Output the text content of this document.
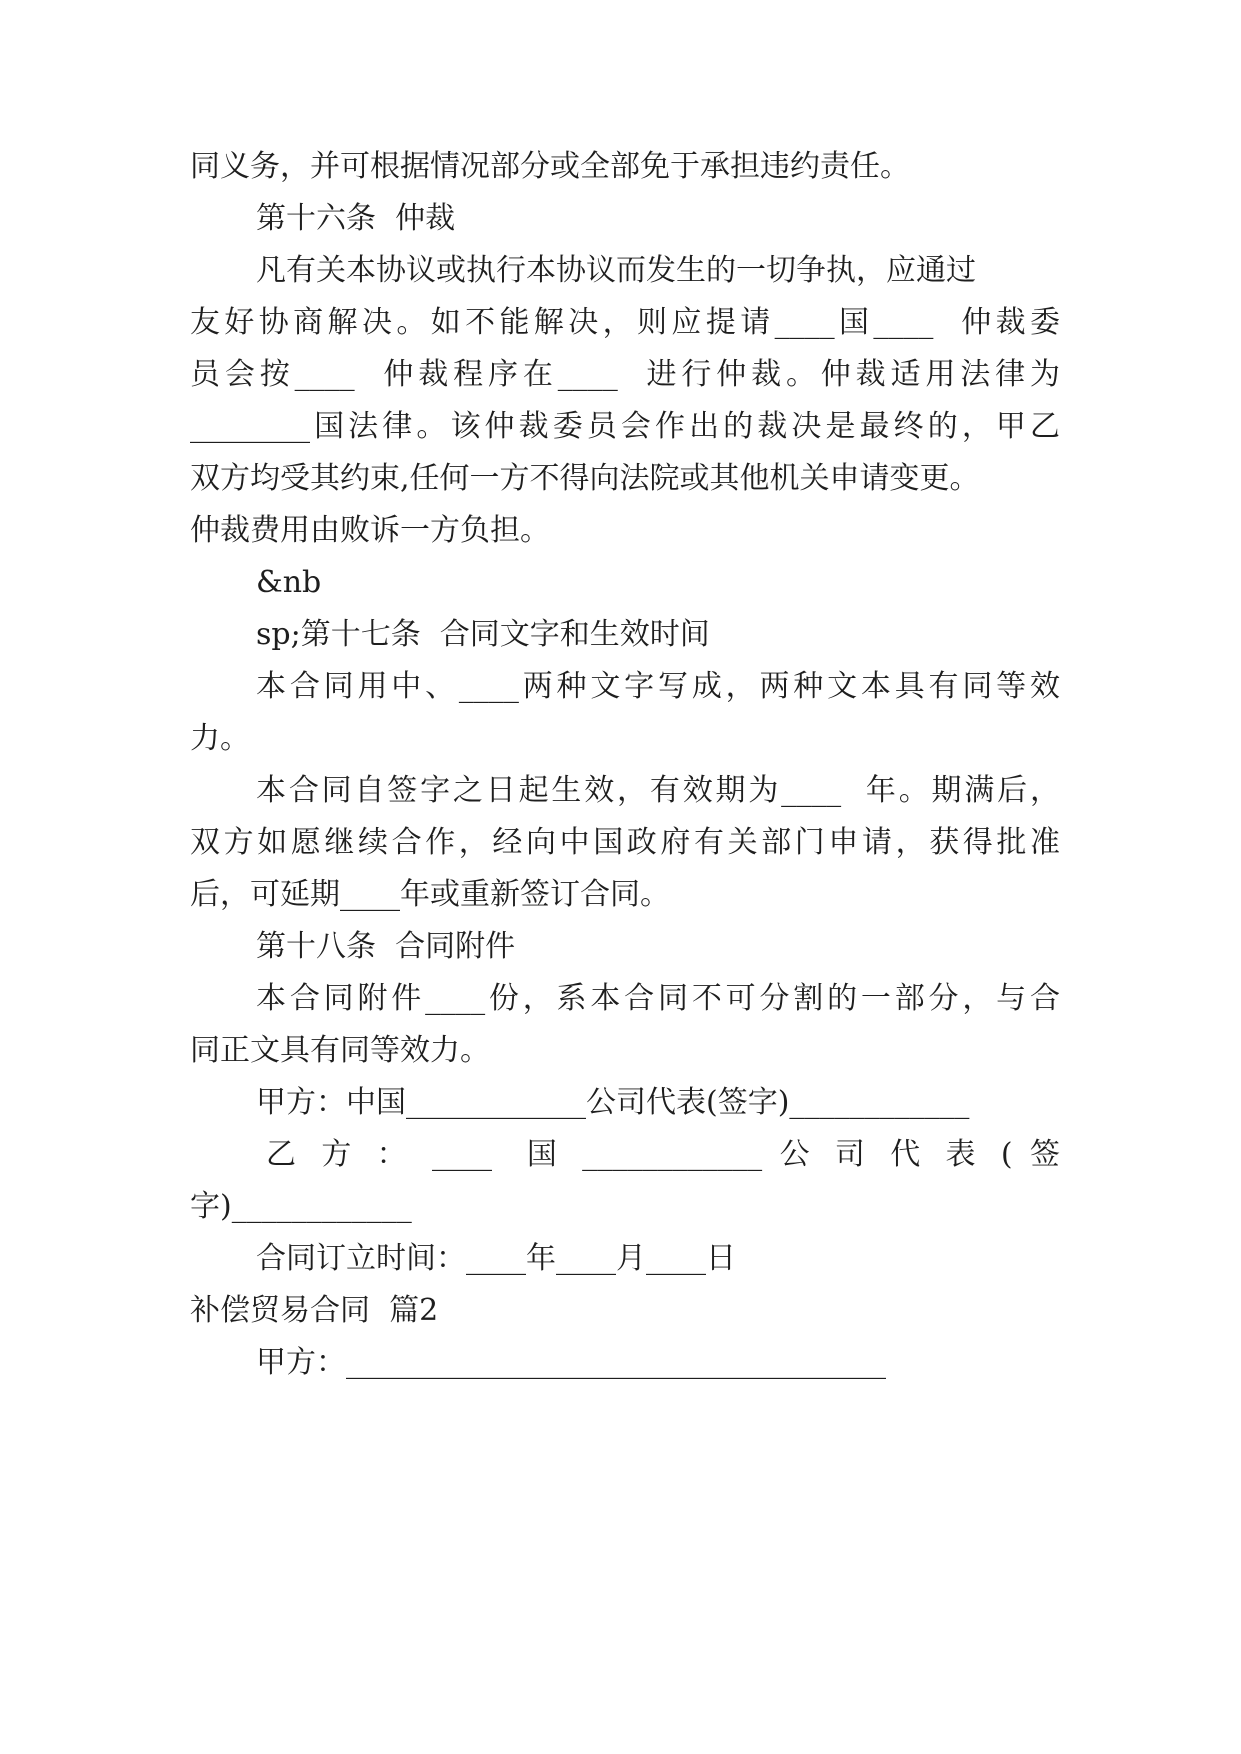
同义务，并可根据情况部分或全部免于承担违约责任。
第十六条  仲裁
凡有关本协议或执行本协议而发生的一切争执，应通过
友好协商解决。如不能解决，则应提请____国____  仲裁委
员会按____  仲裁程序在____  进行仲裁。仲裁适用法律为
________国法律。该仲裁委员会作出的裁决是最终的，甲乙
双方均受其约束,任何一方不得向法院或其他机关申请变更。
仲裁费用由败诉一方负担。
&nb
sp;第十七条  合同文字和生效时间
本合同用中、____两种文字写成，两种文本具有同等效
力。
本合同自签字之日起生效，有效期为____  年。期满后，
双方如愿继续合作，经向中国政府有关部门申请，获得批准
后，可延期____年或重新签订合同。
第十八条  合同附件
本合同附件____份，系本合同不可分割的一部分，与合
同正文具有同等效力。
甲方：中国____________公司代表(签字)____________
乙 方 ： ____  国 ____________ 公 司 代 表 ( 签
字)____________
合同订立时间：____年____月____日
补偿贸易合同  篇2
甲方：____________________________________
